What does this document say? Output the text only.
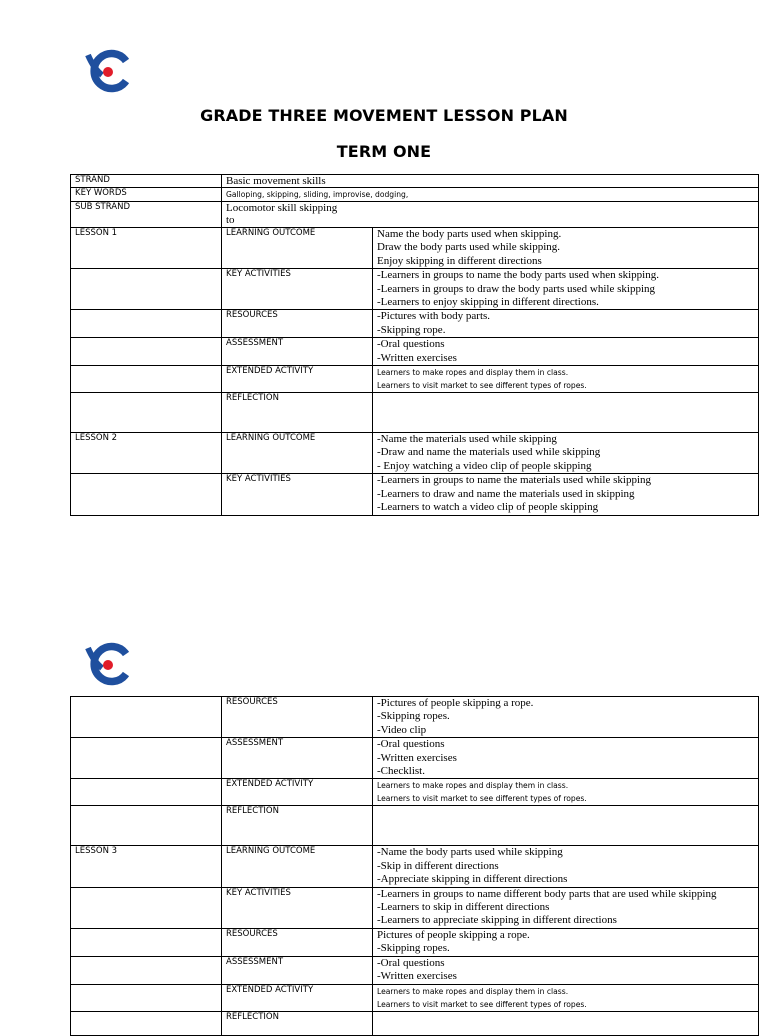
GRADE THREE MOVEMENT LESSON PLAN
TERM ONE
STRAND	Basic movement skills	
KEY WORDS	Galloping, skipping, sliding, improvise, dodging,	
SUB STRAND	Locomotor skill skipping
to	

LESSON 1	LEARNING OUTCOME	Name the body parts used when skipping.
Draw the body parts used while skipping.
Enjoy skipping in different directions

	KEY ACTIVITIES	-Learners in groups to name the body parts used when skipping.
-Learners in groups to draw the body parts used while skipping
-Learners to enjoy skipping in different directions.

	RESOURCES	-Pictures with body parts.
-Skipping rope.

	ASSESSMENT	-Oral questions
-Written exercises

	EXTENDED ACTIVITY	Learners to make ropes and display them in class.
Learners to visit market to see different types of ropes.

	REFLECTION	
LESSON 2	LEARNING OUTCOME	-Name the materials used while skipping
-Draw and name the materials used while skipping
- Enjoy watching a video clip of people skipping

	KEY ACTIVITIES	-Learners in groups to name the materials used while skipping
-Learners to draw and name the materials used in skipping
-Learners to watch a video clip of people skipping
	RESOURCES	-Pictures of people skipping a rope.
-Skipping ropes.
-Video clip

	ASSESSMENT	-Oral questions
-Written exercises
-Checklist.

	EXTENDED ACTIVITY	Learners to make ropes and display them in class.
Learners to visit market to see different types of ropes.

	REFLECTION	
LESSON 3	LEARNING OUTCOME	-Name the body parts used while skipping
-Skip in different directions
-Appreciate skipping in different directions

	KEY ACTIVITIES	-Learners in groups to name different body parts that are used while skipping
-Learners to skip in different directions
-Learners to appreciate skipping in different directions

	RESOURCES	Pictures of people skipping a rope.
-Skipping ropes.

	ASSESSMENT	-Oral questions
-Written exercises

	EXTENDED ACTIVITY	Learners to make ropes and display them in class.
Learners to visit market to see different types of ropes.

	REFLECTION	
